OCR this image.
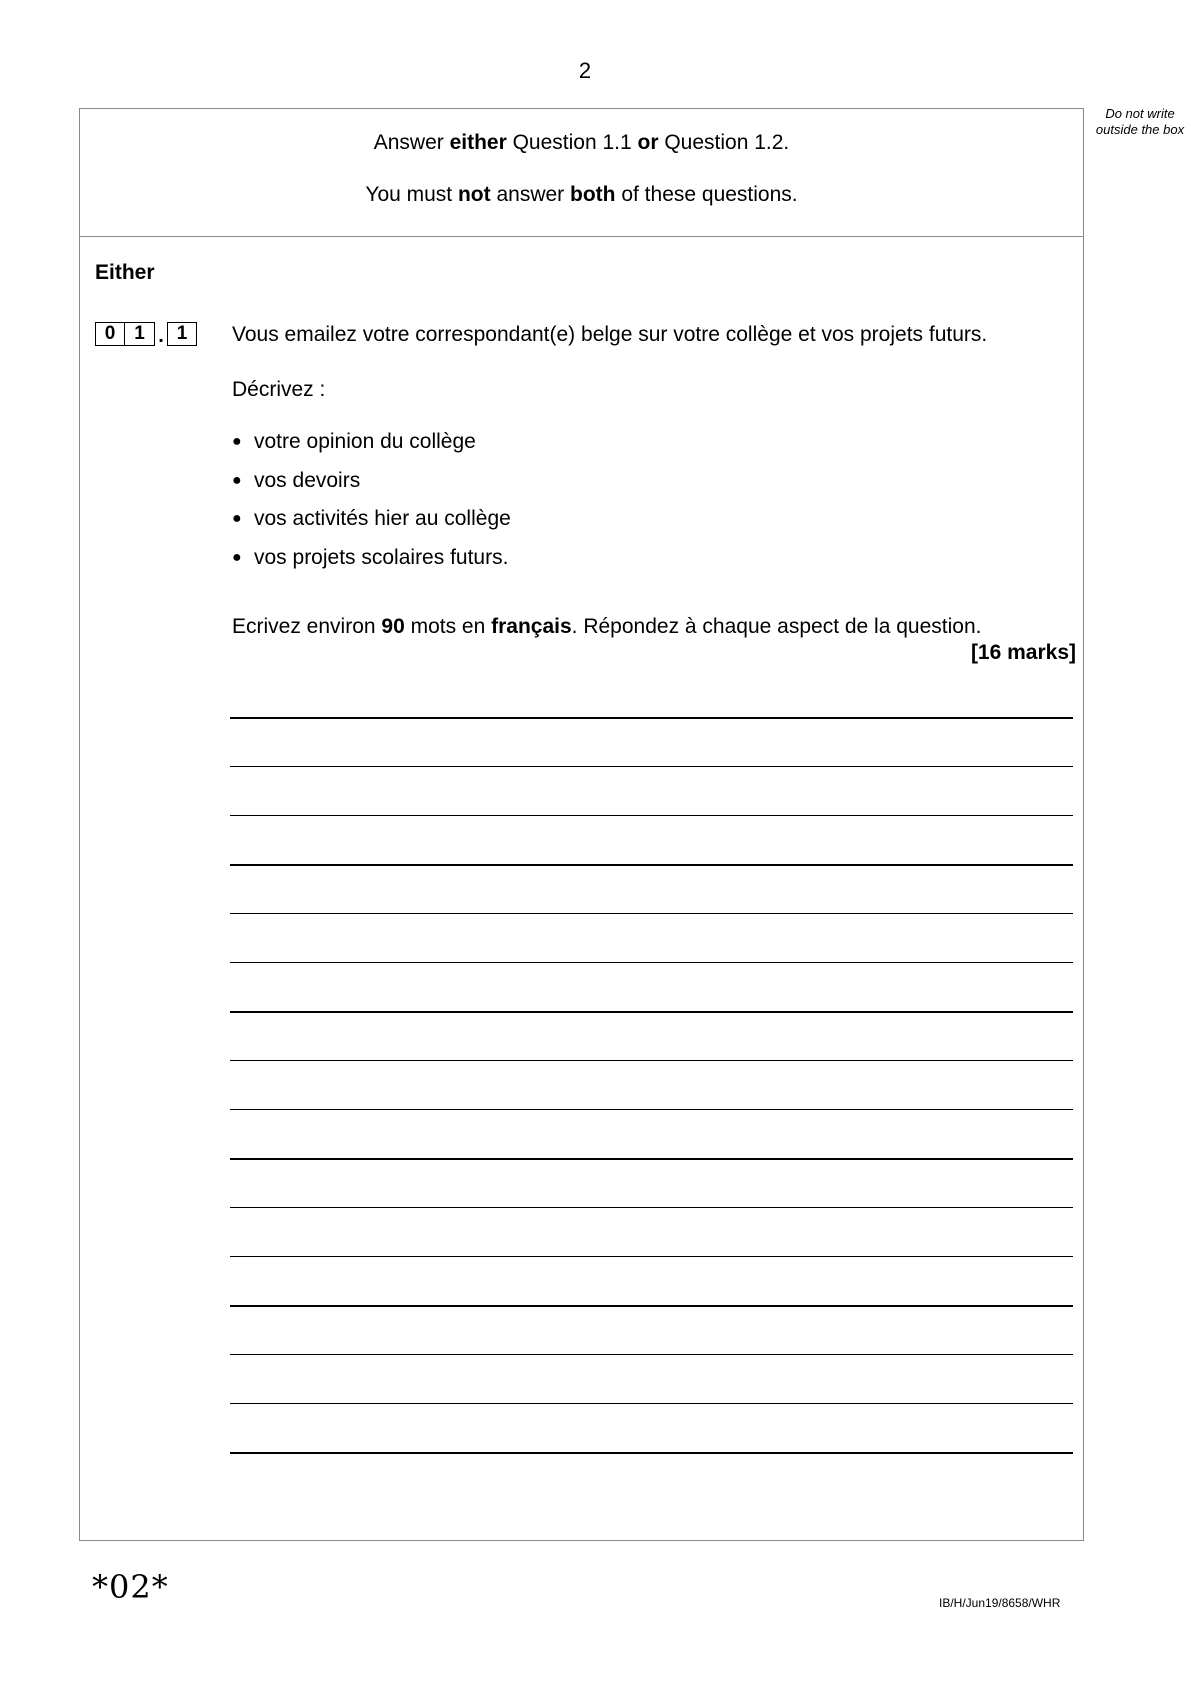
2
Do not write outside the box
Answer either Question 1.1 or Question 1.2.
You must not answer both of these questions.
Either
0 1 . 1	Vous emailez votre correspondant(e) belge sur votre collège et vos projets futurs.
Décrivez :
● votre opinion du collège
● vos devoirs
● vos activités hier au collège
● vos projets scolaires futurs.
Ecrivez environ 90 mots en français. Répondez à chaque aspect de la question.
[16 marks]
*02*	IB/H/Jun19/8658/WHR
